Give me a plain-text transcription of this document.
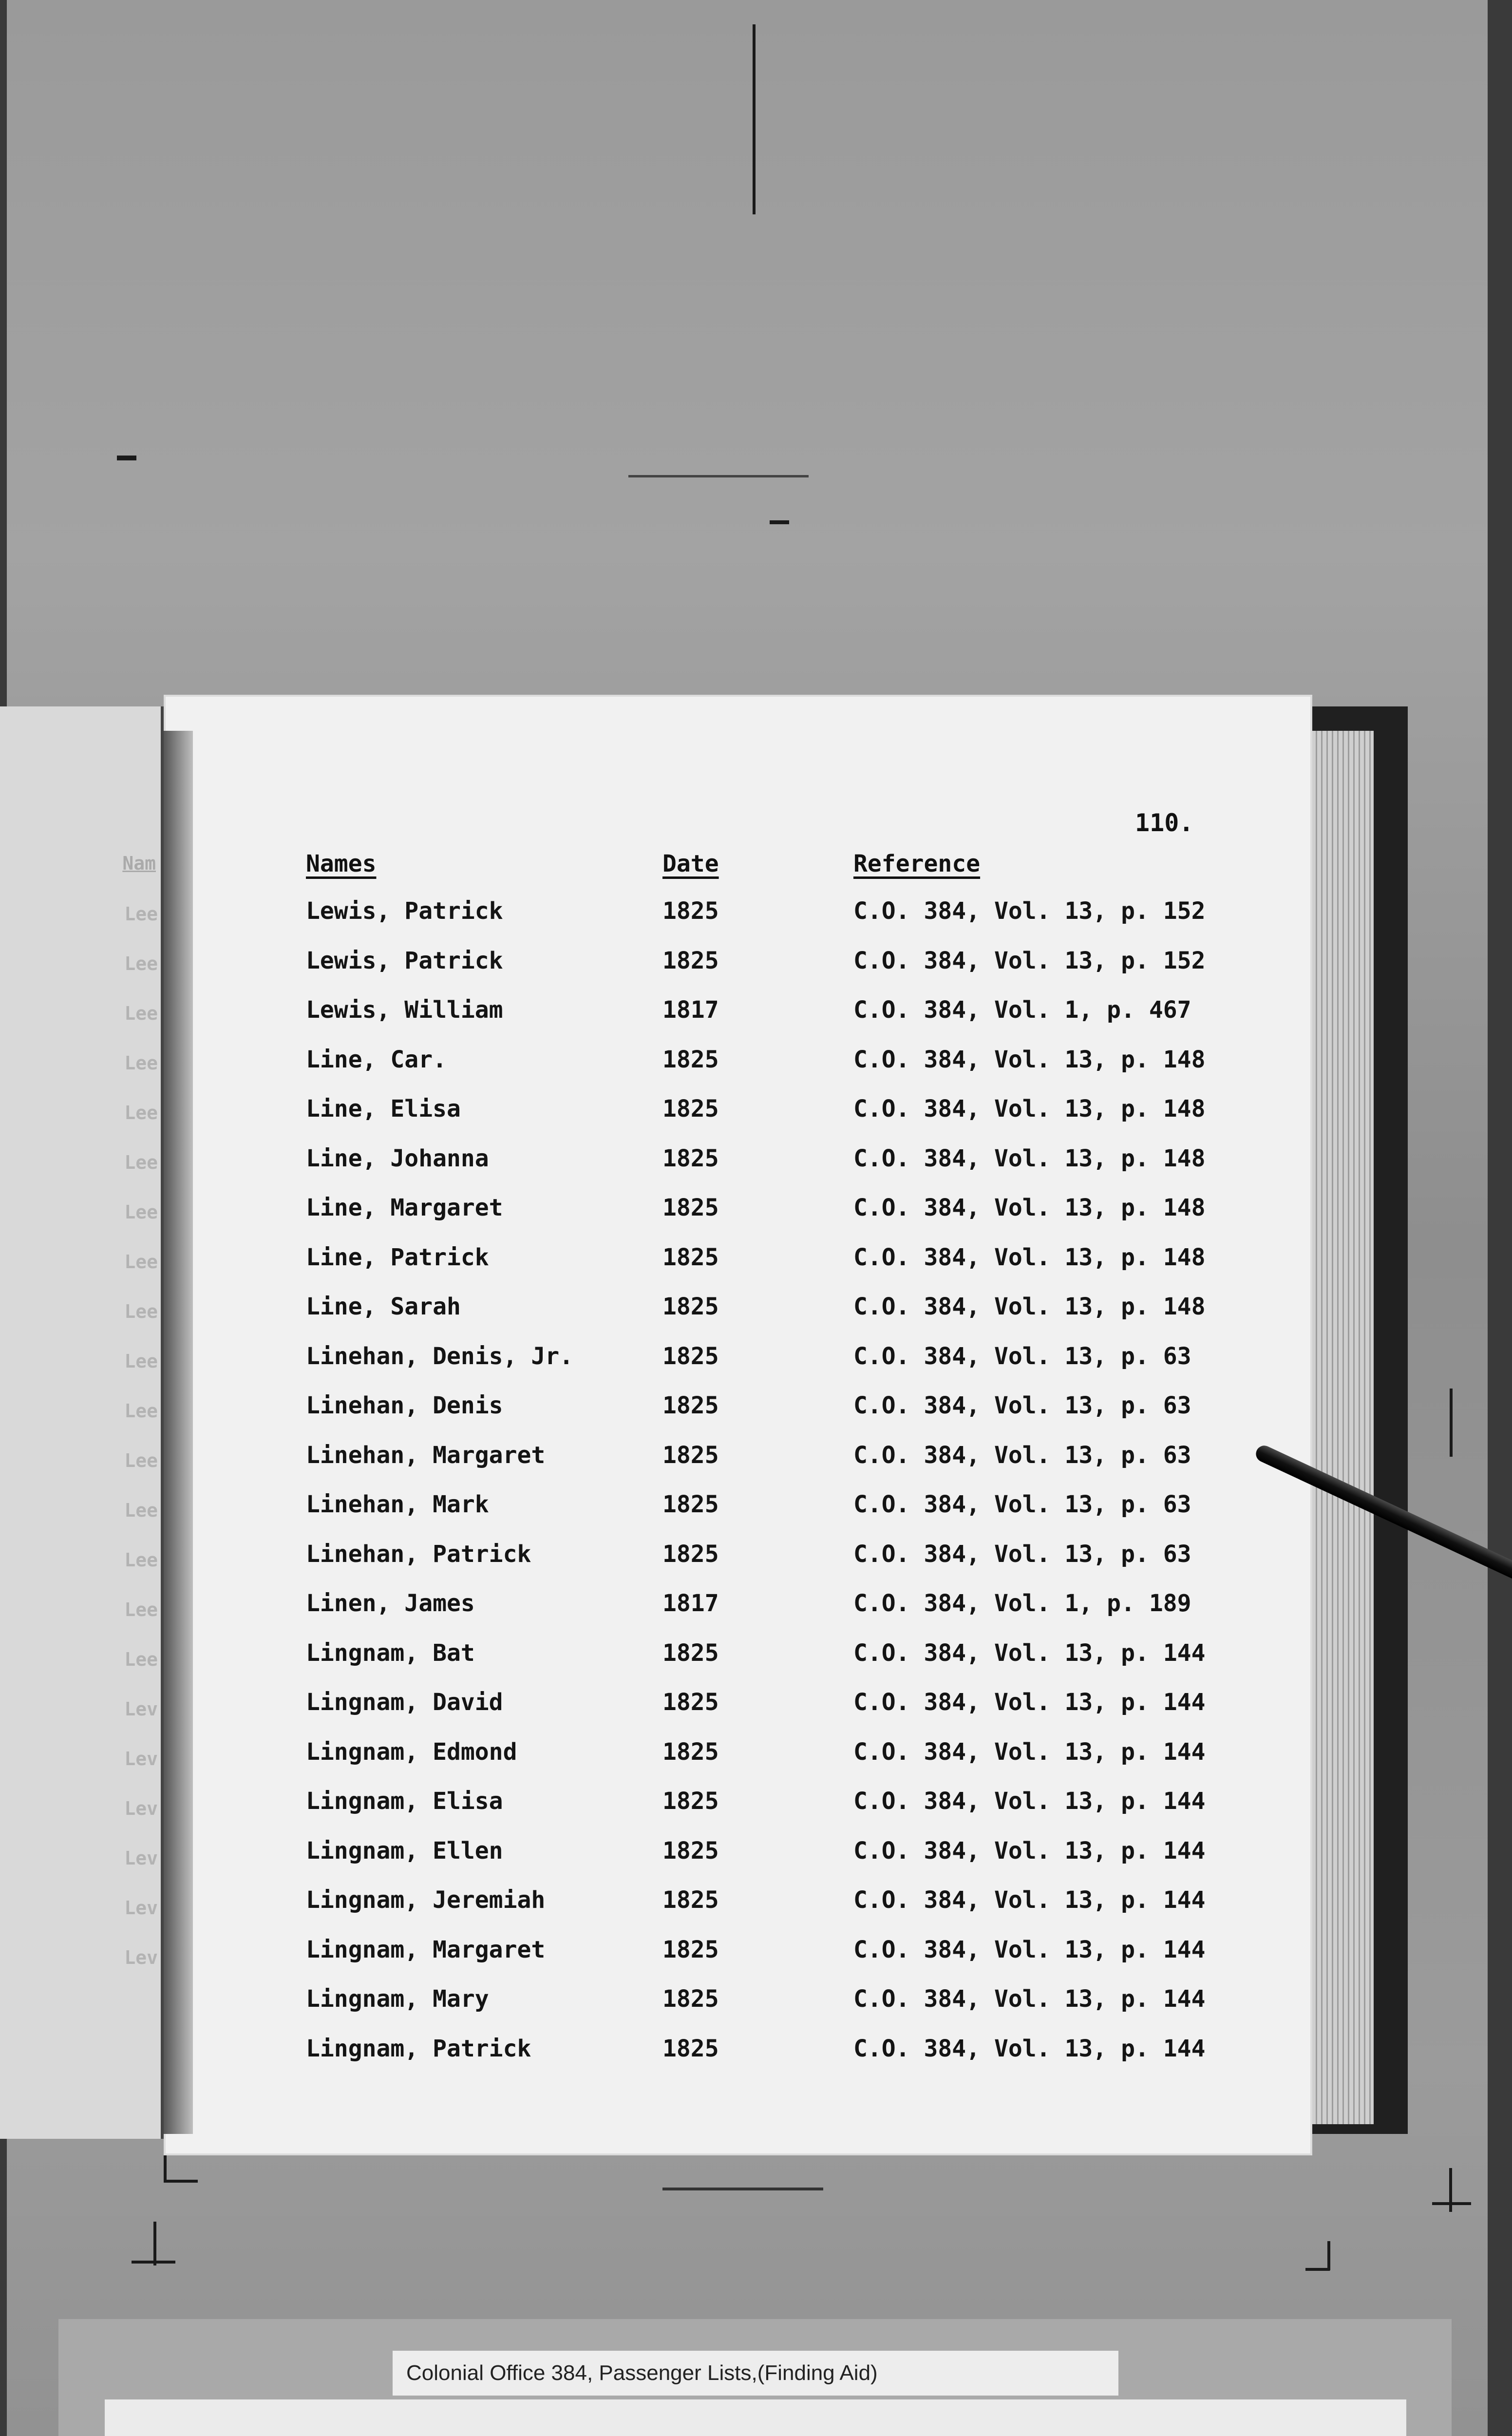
Nam
Lee
Lee
Lee
Lee
Lee
Lee
Lee
Lee
Lee
Lee
Lee
Lee
Lee
Lee
Lee
Lee
Lev
Lev
Lev
Lev
Lev
Lev
110.
Names	Date	Reference
Lewis, Patrick	1825	C.O. 384, Vol. 13, p. 152
Lewis, Patrick	1825	C.O. 384, Vol. 13, p. 152
Lewis, William	1817	C.O. 384, Vol. 1, p. 467
Line, Car.	1825	C.O. 384, Vol. 13, p. 148
Line, Elisa	1825	C.O. 384, Vol. 13, p. 148
Line, Johanna	1825	C.O. 384, Vol. 13, p. 148
Line, Margaret	1825	C.O. 384, Vol. 13, p. 148
Line, Patrick	1825	C.O. 384, Vol. 13, p. 148
Line, Sarah	1825	C.O. 384, Vol. 13, p. 148
Linehan, Denis, Jr.	1825	C.O. 384, Vol. 13, p. 63
Linehan, Denis	1825	C.O. 384, Vol. 13, p. 63
Linehan, Margaret	1825	C.O. 384, Vol. 13, p. 63
Linehan, Mark	1825	C.O. 384, Vol. 13, p. 63
Linehan, Patrick	1825	C.O. 384, Vol. 13, p. 63
Linen, James	1817	C.O. 384, Vol. 1, p. 189
Lingnam, Bat	1825	C.O. 384, Vol. 13, p. 144
Lingnam, David	1825	C.O. 384, Vol. 13, p. 144
Lingnam, Edmond	1825	C.O. 384, Vol. 13, p. 144
Lingnam, Elisa	1825	C.O. 384, Vol. 13, p. 144
Lingnam, Ellen	1825	C.O. 384, Vol. 13, p. 144
Lingnam, Jeremiah	1825	C.O. 384, Vol. 13, p. 144
Lingnam, Margaret	1825	C.O. 384, Vol. 13, p. 144
Lingnam, Mary	1825	C.O. 384, Vol. 13, p. 144
Lingnam, Patrick	1825	C.O. 384, Vol. 13, p. 144
Colonial Office 384, Passenger Lists,(Finding Aid)
